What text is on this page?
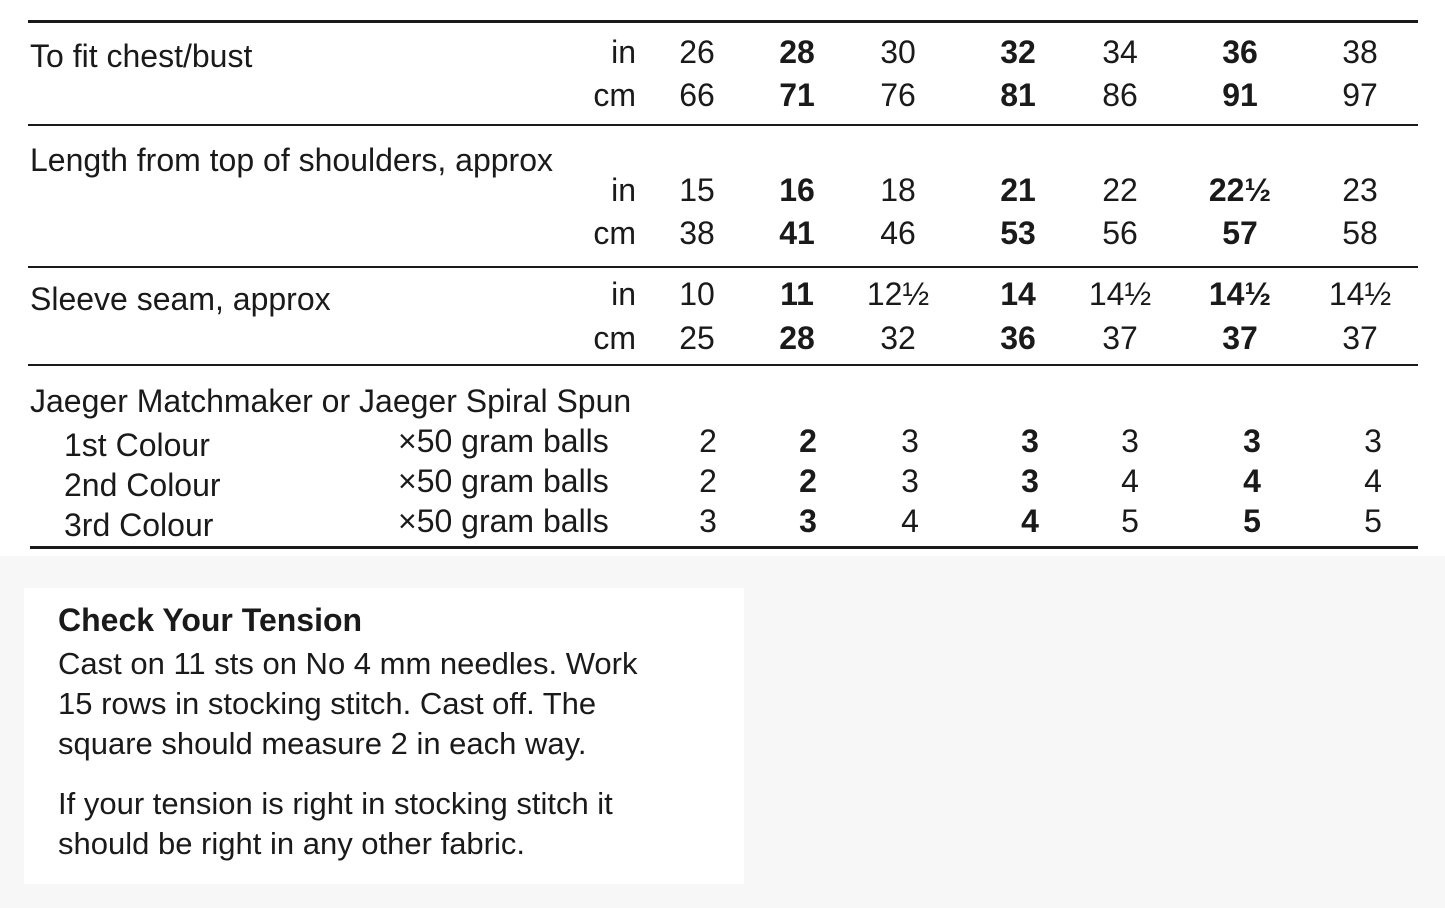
To fit chest/bust	in 26 28 30	32 34	36	38
cm 66 71 76	81 86	91	97
Length from top of shoulders, approx
in 15 16 18	21 22 22½ 23
cm 38 41 46	53 56	57	58
Sleeve seam, approx	in 10 11 12½ 14 14½ 14½ 14½
cm 25 28 32	36 37	37	37
Jaeger Matchmaker or Jaeger Spiral Spun
1st Colour	×50 gram balls	2	2	3	3	3	3	3
2nd Colour	×50 gram balls	2	2	3	3	4	4	4
3rd Colour	×50 gram balls	3	3	4	4	5	5	5
Check Your Tension
Cast on 11 sts on No 4 mm needles. Work
15 rows in stocking stitch. Cast off. The
square should measure 2 in each way.
If your tension is right in stocking stitch it
should be right in any other fabric.
